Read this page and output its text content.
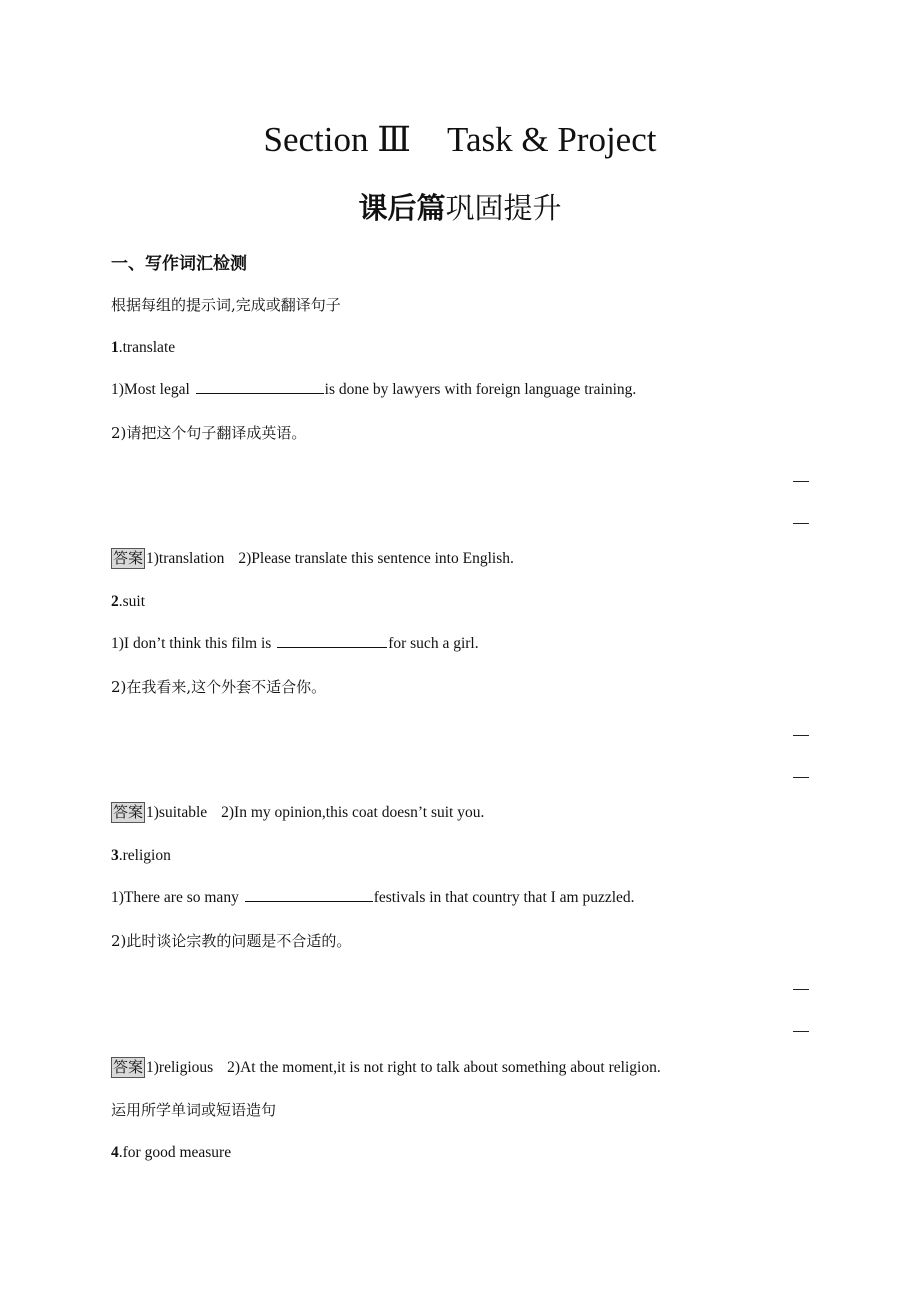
Section Ⅲ Task & Project
课后篇巩固提升
一、写作词汇检测
根据每组的提示词,完成或翻译句子
1.translate
1)Most legal	is done by lawyers with foreign language training.
2)请把这个句子翻译成英语。
答案 1)translation 2)Please translate this sentence into English.
2.suit
1)I don’t think this film is	for such a girl.
2)在我看来,这个外套不适合你。
答案 1)suitable 2)In my opinion,this coat doesn’t suit you.
3.religion
1)There are so many	festivals in that country that I am puzzled.
2)此时谈论宗教的问题是不合适的。
答案 1)religious 2)At the moment,it is not right to talk about something about religion.
运用所学单词或短语造句
4.for good measure
